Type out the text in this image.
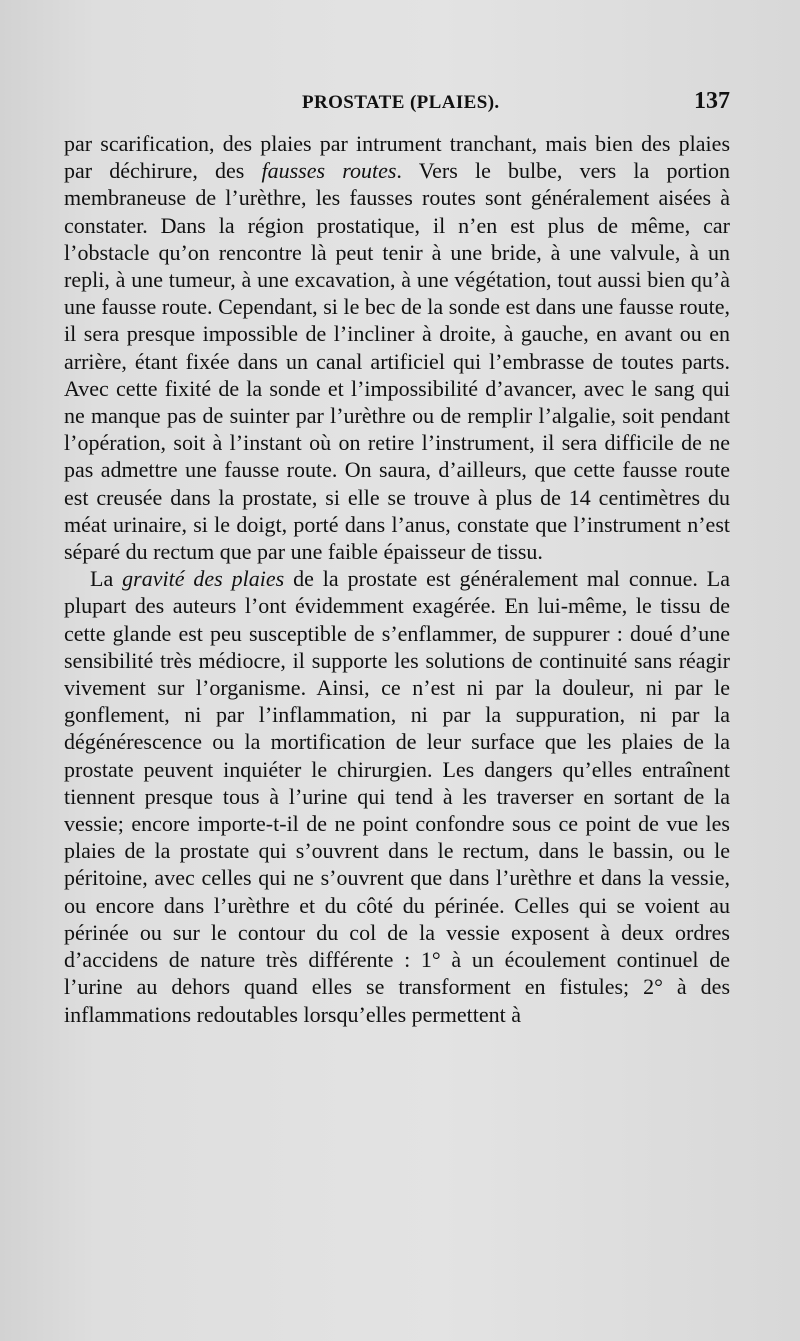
PROSTATE (PLAIES).	137

par scarification, des plaies par intrument tranchant, mais bien des plaies par déchirure, des fausses routes. Vers le bulbe, vers la portion membraneuse de l’urèthre, les fausses routes sont généralement aisées à constater. Dans la région prostatique, il n’en est plus de même, car l’obstacle qu’on rencontre là peut tenir à une bride, à une valvule, à un repli, à une tumeur, à une excavation, à une végétation, tout aussi bien qu’à une fausse route. Cependant, si le bec de la sonde est dans une fausse route, il sera presque impossible de l’incliner à droite, à gauche, en avant ou en arrière, étant fixée dans un canal artificiel qui l’embrasse de toutes parts. Avec cette fixité de la sonde et l’impossibilité d’avancer, avec le sang qui ne manque pas de suinter par l’urèthre ou de remplir l’algalie, soit pendant l’opération, soit à l’instant où on retire l’instrument, il sera difficile de ne pas admettre une fausse route. On saura, d’ailleurs, que cette fausse route est creusée dans la prostate, si elle se trouve à plus de 14 centimètres du méat urinaire, si le doigt, porté dans l’anus, constate que l’instrument n’est séparé du rectum que par une faible épaisseur de tissu.

La gravité des plaies de la prostate est généralement mal connue. La plupart des auteurs l’ont évidemment exagérée. En lui-même, le tissu de cette glande est peu susceptible de s’enflammer, de suppurer : doué d’une sensibilité très médiocre, il supporte les solutions de continuité sans réagir vivement sur l’organisme. Ainsi, ce n’est ni par la douleur, ni par le gonflement, ni par l’inflammation, ni par la suppuration, ni par la dégénérescence ou la mortification de leur surface que les plaies de la prostate peuvent inquiéter le chirurgien. Les dangers qu’elles entraînent tiennent presque tous à l’urine qui tend à les traverser en sortant de la vessie; encore importe-t-il de ne point confondre sous ce point de vue les plaies de la prostate qui s’ouvrent dans le rectum, dans le bassin, ou le péritoine, avec celles qui ne s’ouvrent que dans l’urèthre et dans la vessie, ou encore dans l’urèthre et du côté du périnée. Celles qui se voient au périnée ou sur le contour du col de la vessie exposent à deux ordres d’accidens de nature très différente : 1° à un écoulement continuel de l’urine au dehors quand elles se transforment en fistules; 2° à des inflammations redoutables lorsqu’elles permettent à
